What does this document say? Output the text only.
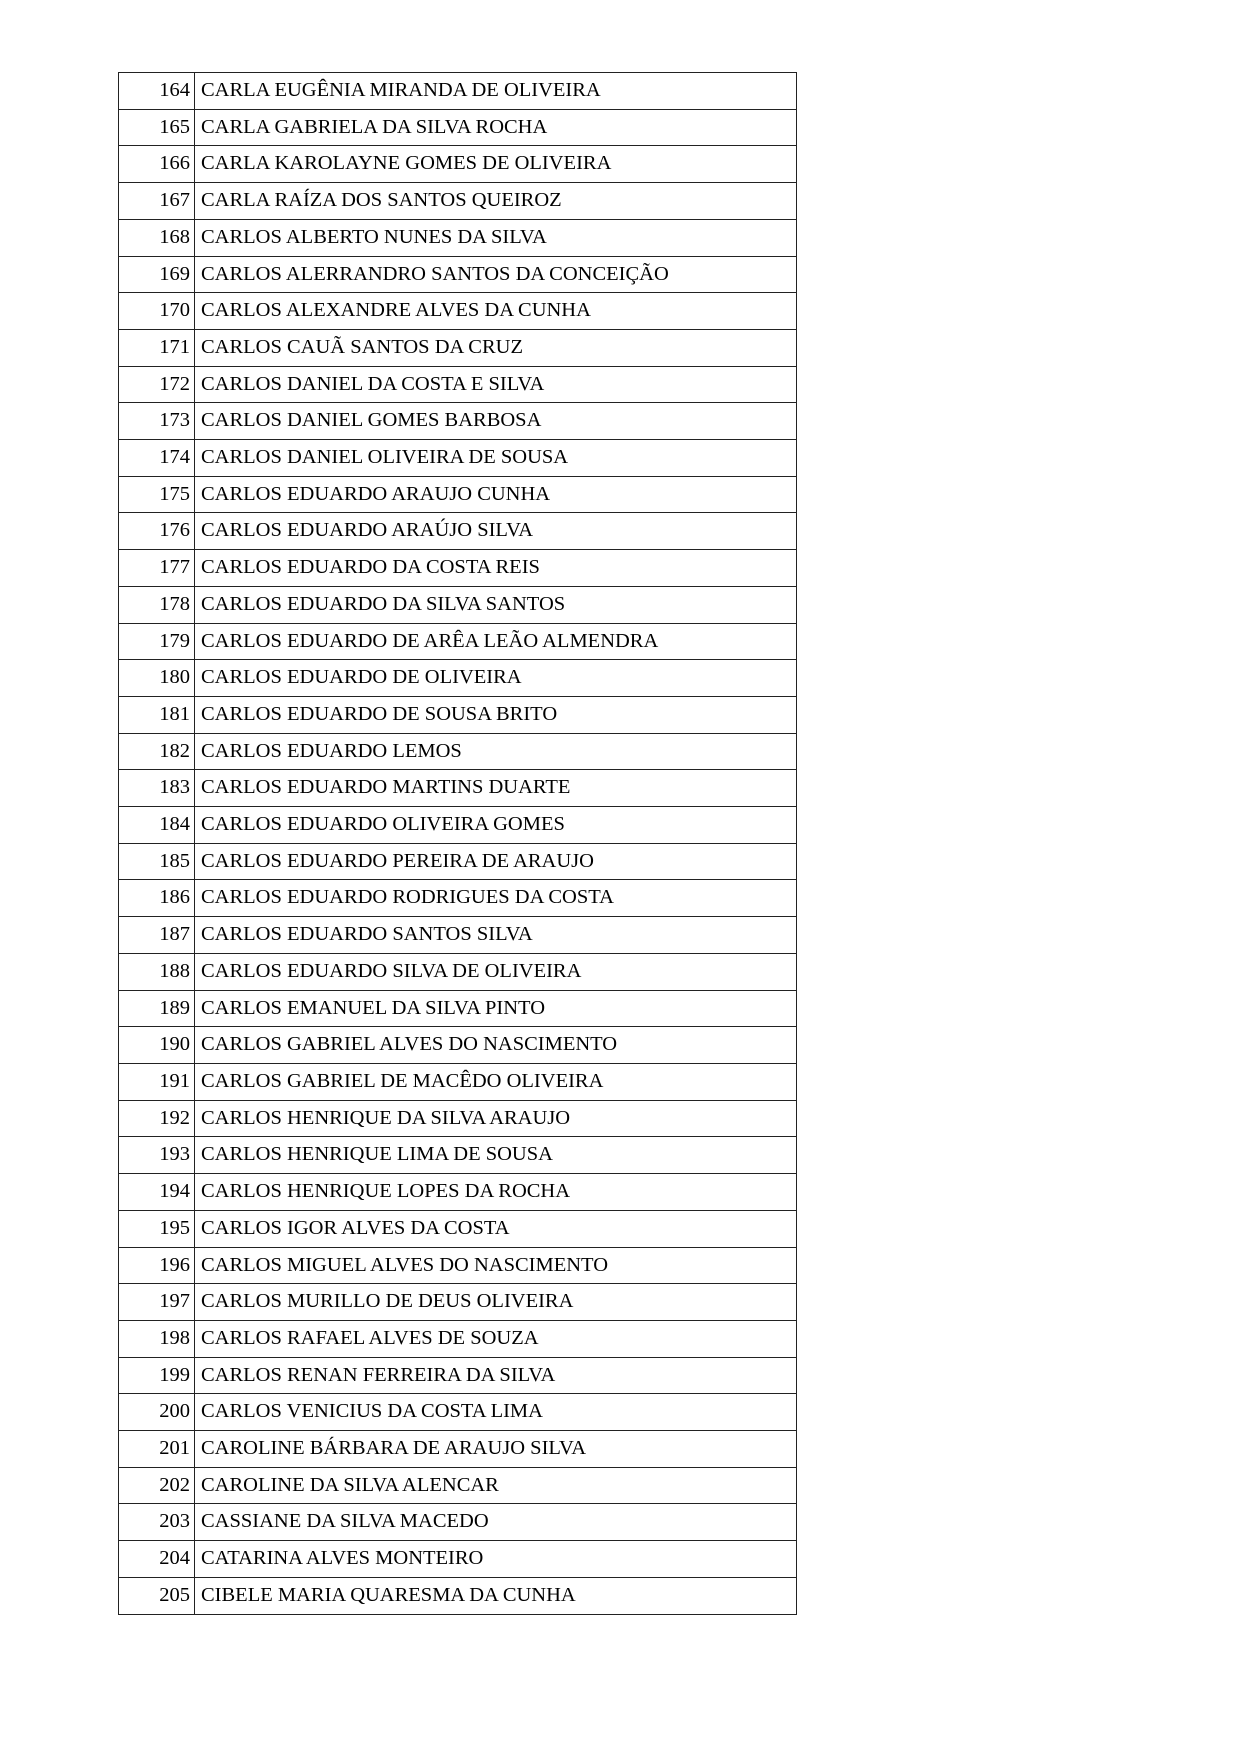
164	CARLA EUGÊNIA MIRANDA DE OLIVEIRA
165	CARLA GABRIELA DA SILVA ROCHA
166	CARLA KAROLAYNE GOMES DE OLIVEIRA
167	CARLA RAÍZA DOS SANTOS QUEIROZ
168	CARLOS ALBERTO NUNES DA SILVA
169	CARLOS ALERRANDRO SANTOS DA CONCEIÇÃO
170	CARLOS ALEXANDRE ALVES DA CUNHA
171	CARLOS CAUÃ SANTOS DA CRUZ
172	CARLOS DANIEL DA COSTA E SILVA
173	CARLOS DANIEL GOMES BARBOSA
174	CARLOS DANIEL OLIVEIRA DE SOUSA
175	CARLOS EDUARDO ARAUJO CUNHA
176	CARLOS EDUARDO ARAÚJO SILVA
177	CARLOS EDUARDO DA COSTA REIS
178	CARLOS EDUARDO DA SILVA SANTOS
179	CARLOS EDUARDO DE ARÊA LEÃO ALMENDRA
180	CARLOS EDUARDO DE OLIVEIRA
181	CARLOS EDUARDO DE SOUSA BRITO
182	CARLOS EDUARDO LEMOS
183	CARLOS EDUARDO MARTINS DUARTE
184	CARLOS EDUARDO OLIVEIRA GOMES
185	CARLOS EDUARDO PEREIRA DE ARAUJO
186	CARLOS EDUARDO RODRIGUES DA COSTA
187	CARLOS EDUARDO SANTOS SILVA
188	CARLOS EDUARDO SILVA DE OLIVEIRA
189	CARLOS EMANUEL DA SILVA PINTO
190	CARLOS GABRIEL ALVES DO NASCIMENTO
191	CARLOS GABRIEL DE MACÊDO OLIVEIRA
192	CARLOS HENRIQUE DA SILVA ARAUJO
193	CARLOS HENRIQUE LIMA DE SOUSA
194	CARLOS HENRIQUE LOPES DA ROCHA
195	CARLOS IGOR ALVES DA COSTA
196	CARLOS MIGUEL ALVES DO NASCIMENTO
197	CARLOS MURILLO DE DEUS OLIVEIRA
198	CARLOS RAFAEL ALVES DE SOUZA
199	CARLOS RENAN FERREIRA DA SILVA
200	CARLOS VENICIUS DA COSTA LIMA
201	CAROLINE BÁRBARA DE ARAUJO SILVA
202	CAROLINE DA SILVA ALENCAR
203	CASSIANE DA SILVA MACEDO
204	CATARINA ALVES MONTEIRO
205	CIBELE MARIA QUARESMA DA CUNHA
